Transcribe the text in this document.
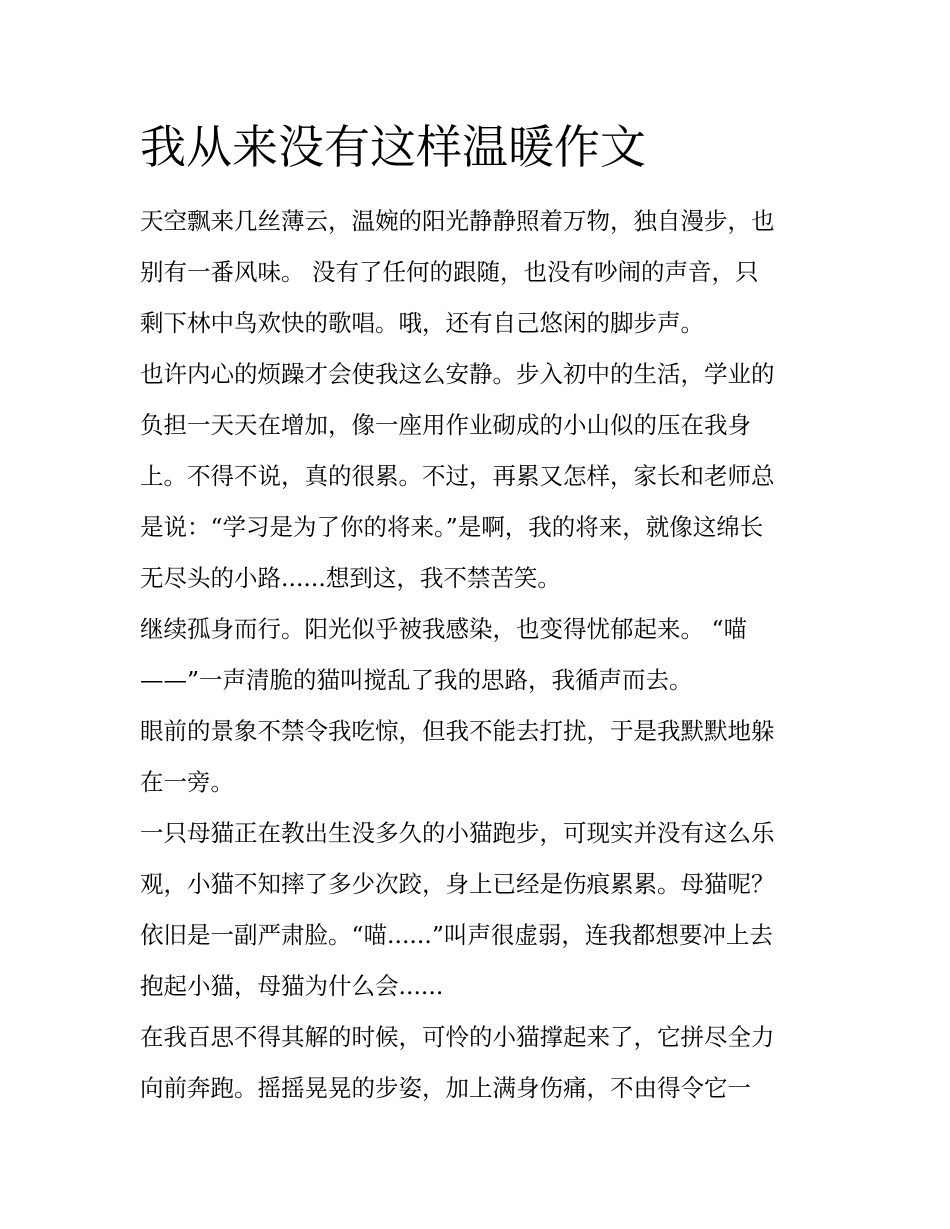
我从来没有这样温暖作文
天空飘来几丝薄云，温婉的阳光静静照着万物，独自漫步，也
别有一番风味。 没有了任何的跟随，也没有吵闹的声音，只
剩下林中鸟欢快的歌唱。哦，还有自己悠闲的脚步声。
也许内心的烦躁才会使我这么安静。步入初中的生活，学业的
负担一天天在增加，像一座用作业砌成的小山似的压在我身
上。不得不说，真的很累。不过，再累又怎样，家长和老师总
是说：“学习是为了你的将来。”是啊，我的将来，就像这绵长
无尽头的小路......想到这，我不禁苦笑。
继续孤身而行。阳光似乎被我感染，也变得忧郁起来。 “喵
——”一声清脆的猫叫搅乱了我的思路，我循声而去。
眼前的景象不禁令我吃惊，但我不能去打扰，于是我默默地躲
在一旁。
一只母猫正在教出生没多久的小猫跑步，可现实并没有这么乐
观，小猫不知摔了多少次跤，身上已经是伤痕累累。母猫呢？
依旧是一副严肃脸。“喵......”叫声很虚弱，连我都想要冲上去
抱起小猫，母猫为什么会......
在我百思不得其解的时候，可怜的小猫撑起来了，它拼尽全力
向前奔跑。摇摇晃晃的步姿，加上满身伤痛，不由得令它一
